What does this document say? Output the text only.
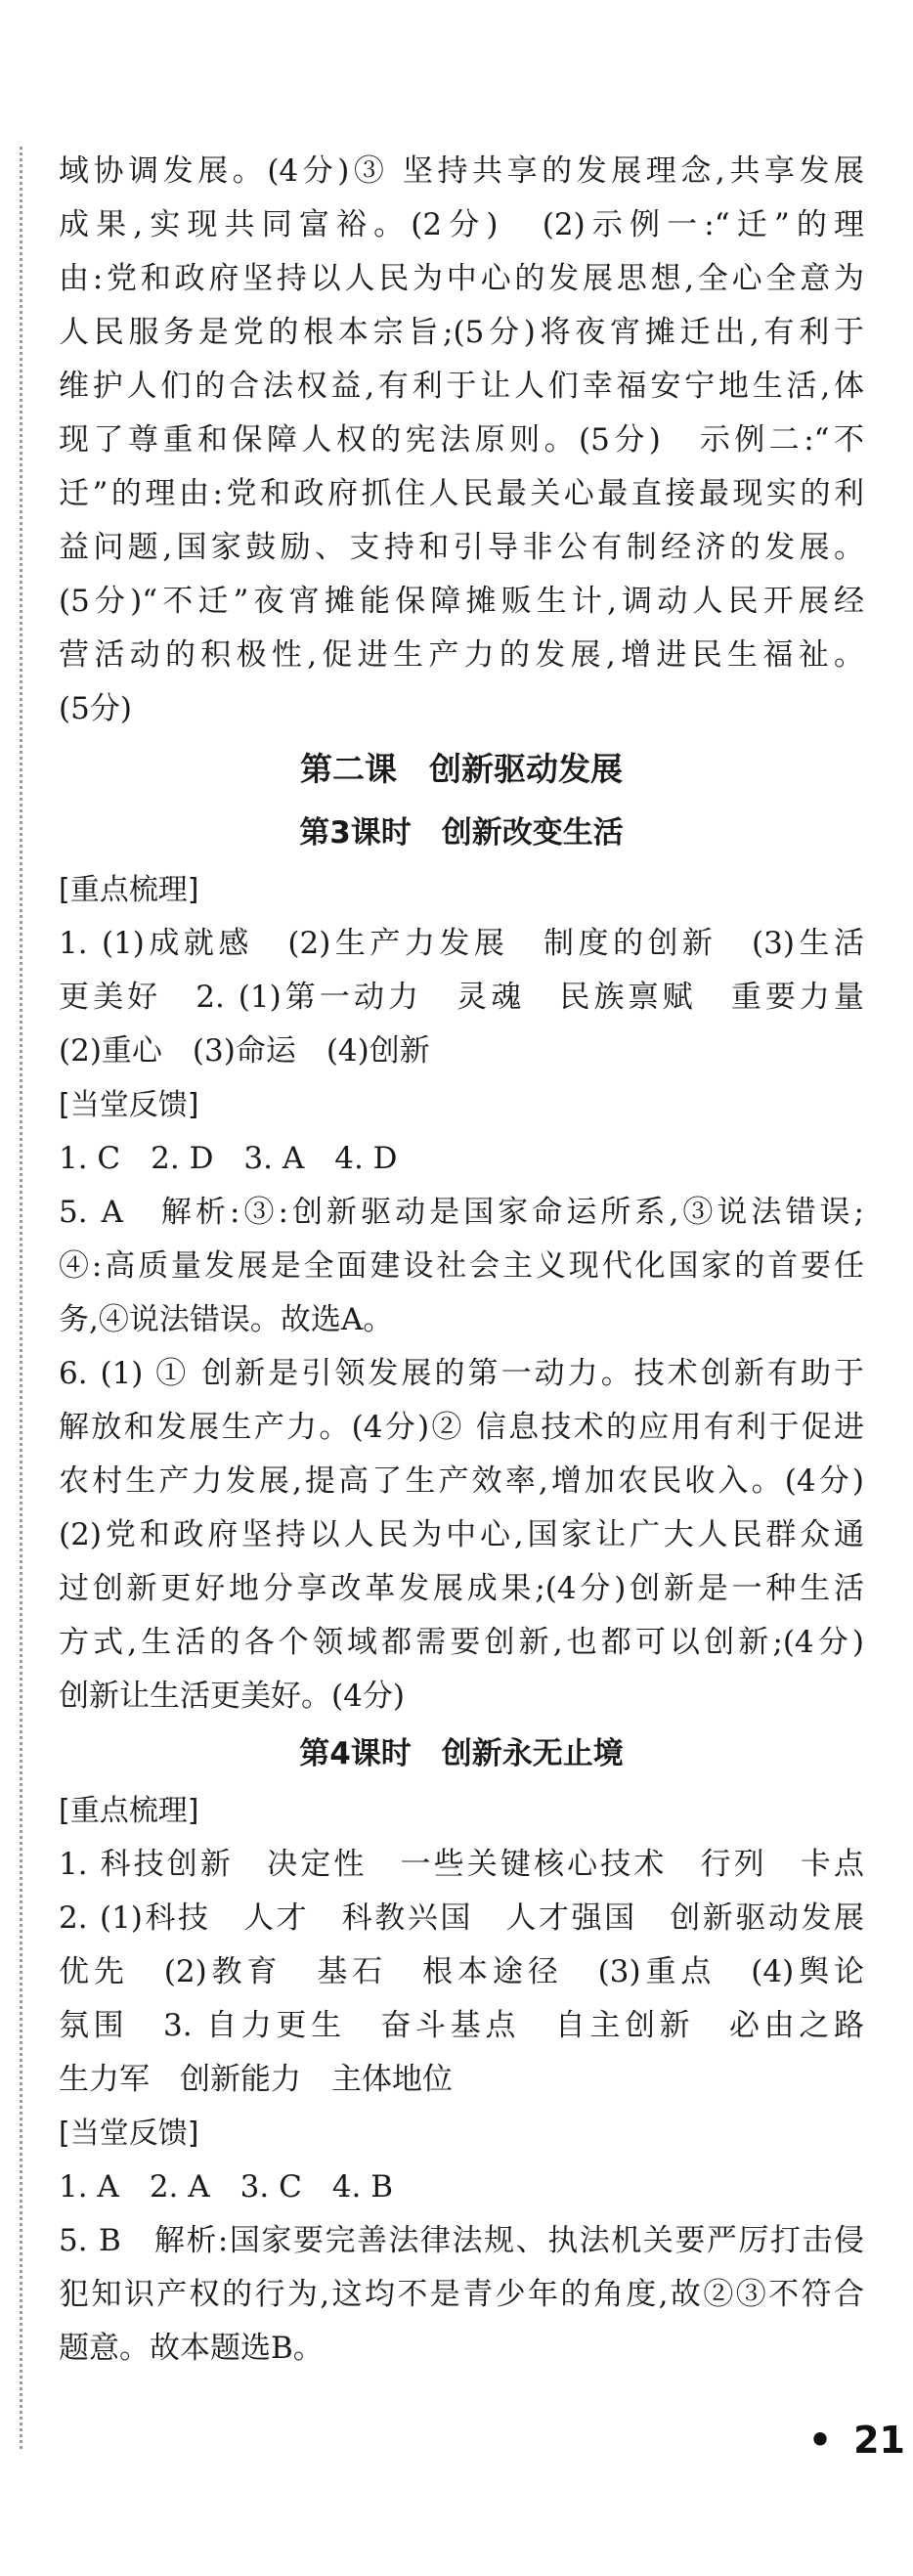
域协调发展。(4分)③ 坚持共享的发展理念,共享发展
成果,实现共同富裕。(2分)　(2)示例一:“迁”的理
由:党和政府坚持以人民为中心的发展思想,全心全意为
人民服务是党的根本宗旨;(5分)将夜宵摊迁出,有利于
维护人们的合法权益,有利于让人们幸福安宁地生活,体
现了尊重和保障人权的宪法原则。(5分)　示例二:“不
迁”的理由:党和政府抓住人民最关心最直接最现实的利
益问题,国家鼓励、支持和引导非公有制经济的发展。
(5分)“不迁”夜宵摊能保障摊贩生计,调动人民开展经
营活动的积极性,促进生产力的发展,增进民生福祉。
(5分)
第二课　创新驱动发展
第3课时　创新改变生活
[重点梳理]
1. (1)成就感　(2)生产力发展　制度的创新　(3)生活
更美好　2. (1)第一动力　灵魂　民族禀赋　重要力量
(2)重心　(3)命运　(4)创新
[当堂反馈]
1. C　2. D　3. A　4. D
5. A　解析:③:创新驱动是国家命运所系,③说法错误;
④:高质量发展是全面建设社会主义现代化国家的首要任
务,④说法错误。故选A。
6. (1) ① 创新是引领发展的第一动力。技术创新有助于
解放和发展生产力。(4分)② 信息技术的应用有利于促进
农村生产力发展,提高了生产效率,增加农民收入。(4分)
(2)党和政府坚持以人民为中心,国家让广大人民群众通
过创新更好地分享改革发展成果;(4分)创新是一种生活
方式,生活的各个领域都需要创新,也都可以创新;(4分)
创新让生活更美好。(4分)
第4课时　创新永无止境
[重点梳理]
1. 科技创新　决定性　一些关键核心技术　行列　卡点
2. (1)科技　人才　科教兴国　人才强国　创新驱动发展
优先　(2)教育　基石　根本途径　(3)重点　(4)舆论
氛围　3. 自力更生　奋斗基点　自主创新　必由之路
生力军　创新能力　主体地位
[当堂反馈]
1. A　2. A　3. C　4. B
5. B　解析:国家要完善法律法规、执法机关要严厉打击侵
犯知识产权的行为,这均不是青少年的角度,故②③不符合
题意。故本题选B。
• 21
